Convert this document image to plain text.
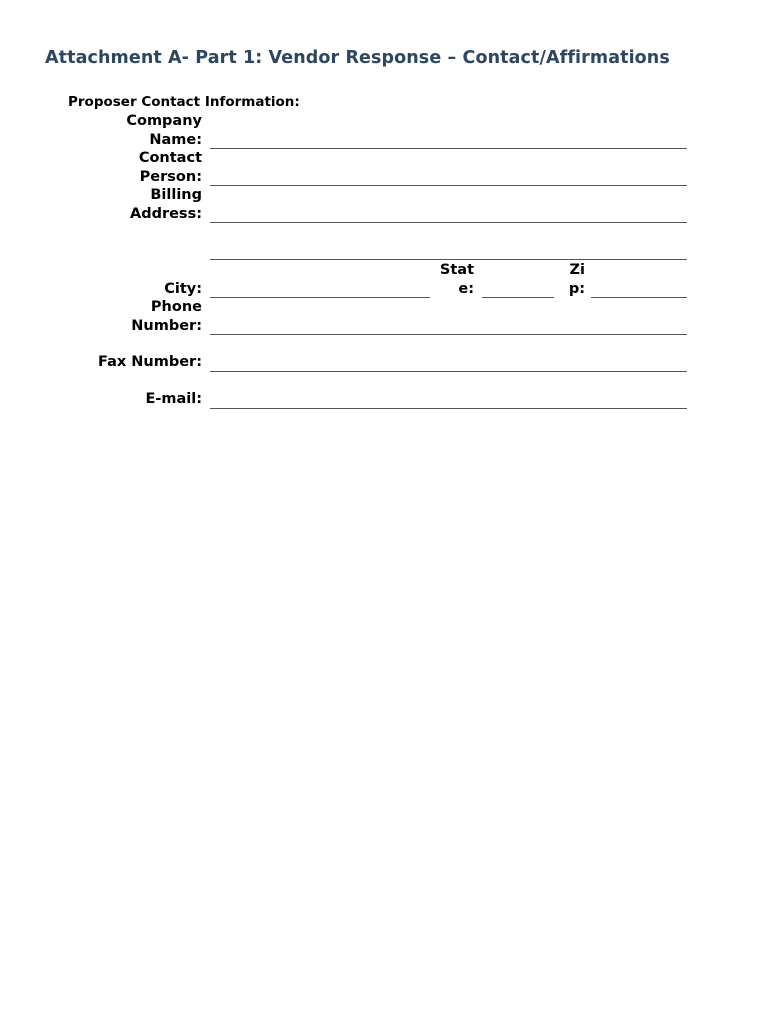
Attachment A- Part 1: Vendor Response – Contact/Affirmations
Proposer Contact Information:
Company
Name:
Contact
Person:
Billing
Address:
City:
Stat
e:
Zi
p:
Phone
Number:
Fax Number:
E-mail:
